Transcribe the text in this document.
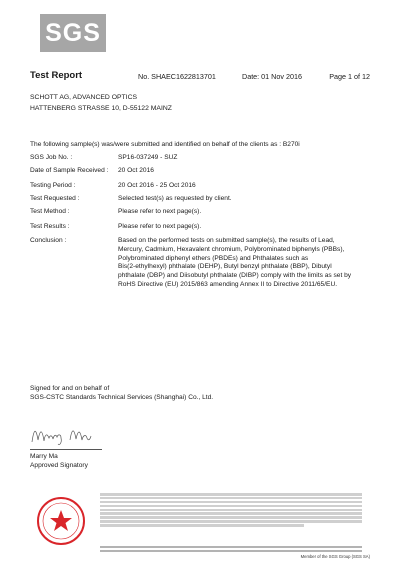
SGS
Test Report	No. SHAEC1622813701	Date: 01 Nov 2016	Page 1 of 12
SCHOTT AG, ADVANCED OPTICS
HATTENBERG STRASSE 10, D-55122 MAINZ
The following sample(s) was/were submitted and identified on behalf of the clients as : B270i
SGS Job No. :	SP16-037249 - SUZ
Date of Sample Received : 20 Oct 2016
Testing Period :	20 Oct 2016 - 25 Oct 2016
Test Requested :	Selected test(s) as requested by client.
Test Method :	Please refer to next page(s).
Test Results :	Please refer to next page(s).
Conclusion :	Based on the performed tests on submitted sample(s), the results of Lead,
Mercury, Cadmium, Hexavalent chromium, Polybrominated biphenyls (PBBs),
Polybrominated diphenyl ethers (PBDEs) and Phthalates such as
Bis(2-ethylhexyl) phthalate (DEHP), Butyl benzyl phthalate (BBP), Dibutyl
phthalate (DBP) and Diisobutyl phthalate (DIBP) comply with the limits as set by
RoHS Directive (EU) 2015/863 amending Annex II to Directive 2011/65/EU.
Signed for and on behalf of
SGS-CSTC Standards Technical Services (Shanghai) Co., Ltd.
Marry Ma
Approved Signatory
Member of the SGS Group (SGS SA)
